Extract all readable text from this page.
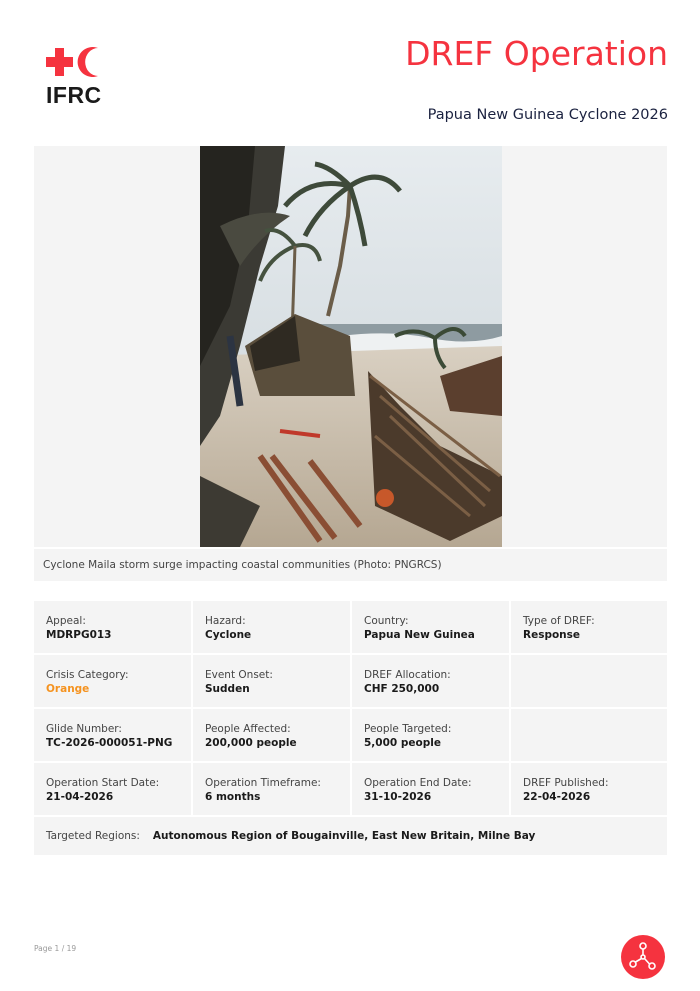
IFRC
DREF Operation
Papua New Guinea Cyclone 2026
Cyclone Maila storm surge impacting coastal communities (Photo: PNGRCS)
Appeal:
MDRPG013
Hazard:
Cyclone
Country:
Papua New Guinea
Type of DREF:
Response
Crisis Category:
Orange
Event Onset:
Sudden
DREF Allocation:
CHF 250,000
Glide Number:
TC-2026-000051-PNG
People Affected:
200,000 people
People Targeted:
5,000 people
Operation Start Date:
21-04-2026
Operation Timeframe:
6 months
Operation End Date:
31-10-2026
DREF Published:
22-04-2026
Targeted Regions: Autonomous Region of Bougainville, East New Britain, Milne Bay
Page 1 / 19
